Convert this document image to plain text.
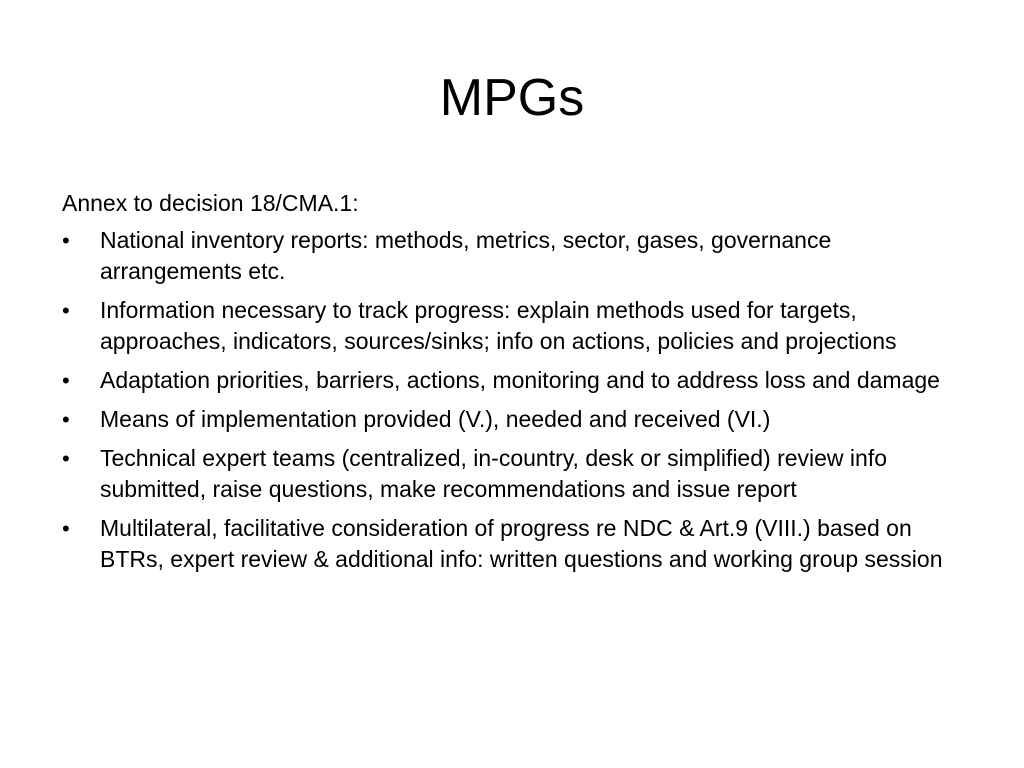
MPGs
Annex to decision 18/CMA.1:
•	National inventory reports: methods, metrics, sector, gases, governance arrangements etc.
•	Information necessary to track progress: explain methods used for targets, approaches, indicators, sources/sinks; info on actions, policies and projections
•	Adaptation priorities, barriers, actions, monitoring and to address loss and damage
•	Means of implementation provided (V.), needed and received (VI.)
•	Technical expert teams (centralized, in-country, desk or simplified) review info submitted, raise questions, make recommendations and issue report
•	Multilateral, facilitative consideration of progress re NDC & Art.9 (VIII.) based on BTRs, expert review & additional info: written questions and working group session
